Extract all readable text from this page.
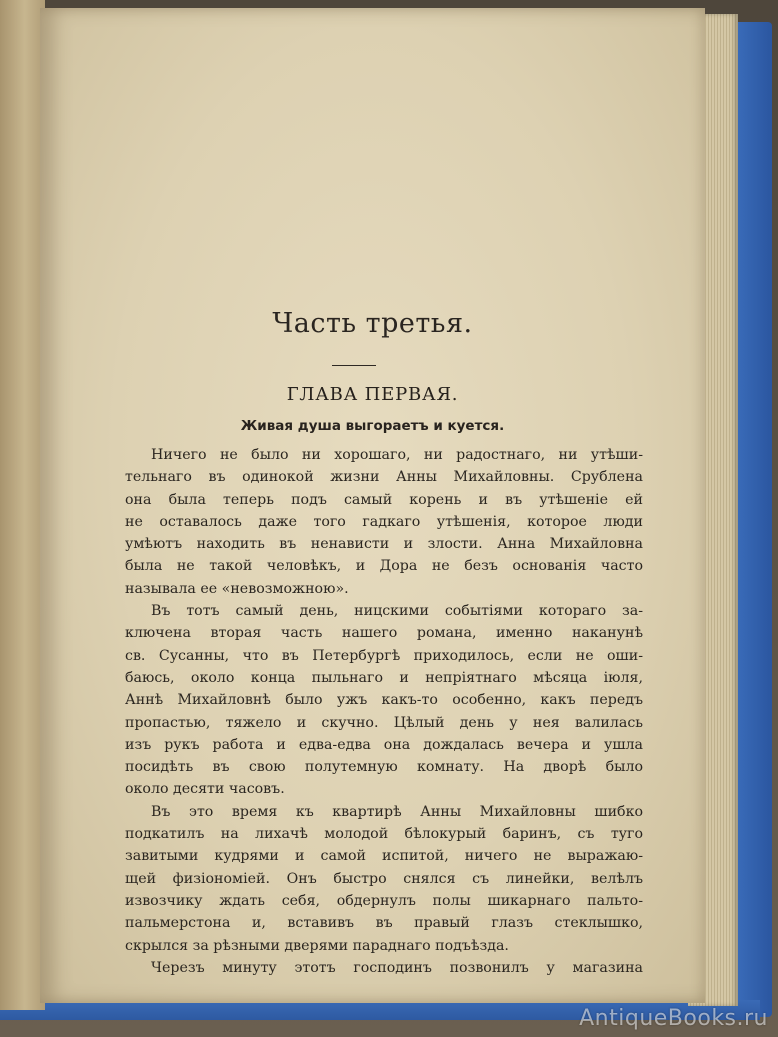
Часть третья.
ГЛАВА ПЕРВАЯ.
Живая душа выгораетъ и куется.
Ничего не было ни хорошаго, ни радостнаго, ни утѣши-
тельнаго въ одинокой жизни Анны Михайловны. Срублена
она была теперь подъ самый корень и въ утѣшеніе ей
не оставалось даже того гадкаго утѣшенія, которое люди
умѣютъ находить въ ненависти и злости. Анна Михайловна
была не такой человѣкъ, и Дора не безъ основанія часто
называла ее «невозможною».
Въ тотъ самый день, ницскими событіями котораго за-
ключена вторая часть нашего романа, именно наканунѣ
св. Сусанны, что въ Петербургѣ приходилось, если не оши-
баюсь, около конца пыльнаго и непріятнаго мѣсяца іюля,
Аннѣ Михайловнѣ было ужъ какъ-то особенно, какъ передъ
пропастью, тяжело и скучно. Цѣлый день у нея валилась
изъ рукъ работа и едва-едва она дождалась вечера и ушла
посидѣть въ свою полутемную комнату. На дворѣ было
около десяти часовъ.
Въ это время къ квартирѣ Анны Михайловны шибко
подкатилъ на лихачѣ молодой бѣлокурый баринъ, съ туго
завитыми кудрями и самой испитой, ничего не выражаю-
щей физіономіей. Онъ быстро снялся съ линейки, велѣлъ
извозчику ждать себя, обдернулъ полы шикарнаго пальто-
пальмерстона и, вставивъ въ правый глазъ стеклышко,
скрылся за рѣзными дверями параднаго подъѣзда.
Черезъ минуту этотъ господинъ позвонилъ у магазина
AntiqueBooks.ru
